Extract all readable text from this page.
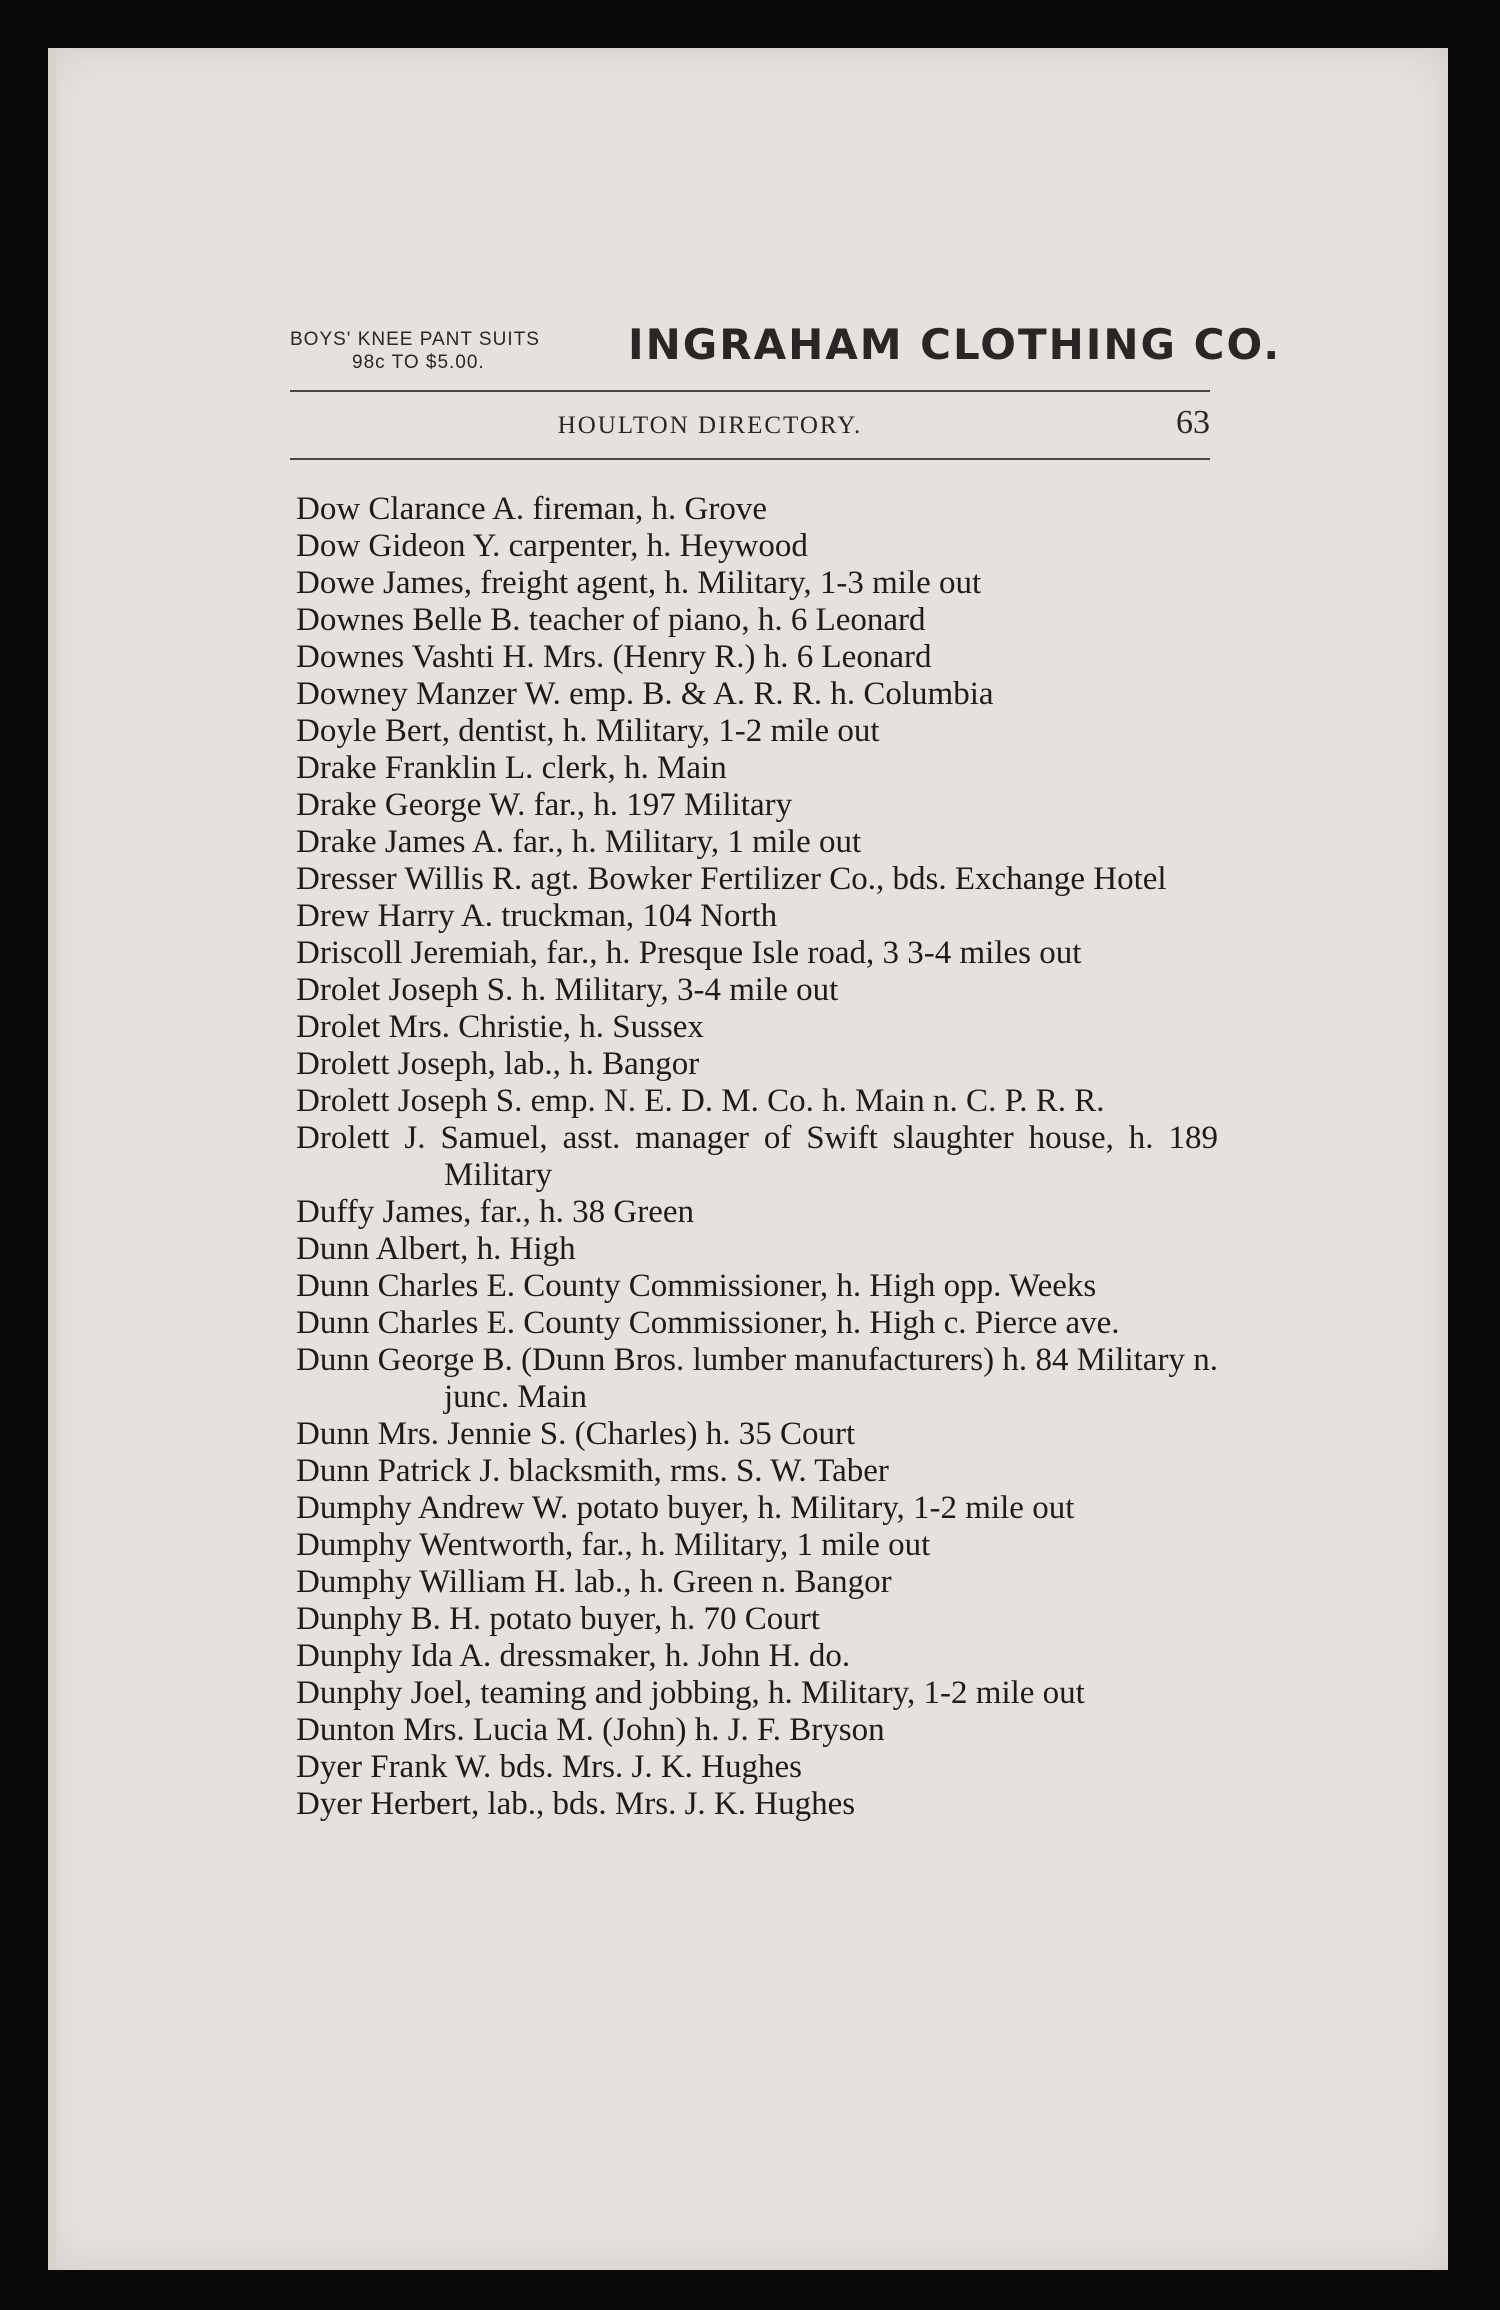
BOYS' KNEE PANT SUITS
98c TO $5.00.	INGRAHAM CLOTHING CO.
HOULTON DIRECTORY.	63
Dow Clarance A. fireman, h. Grove
Dow Gideon Y. carpenter, h. Heywood
Dowe James, freight agent, h. Military, 1-3 mile out
Downes Belle B. teacher of piano, h. 6 Leonard
Downes Vashti H. Mrs. (Henry R.) h. 6 Leonard
Downey Manzer W. emp. B. & A. R. R. h. Columbia
Doyle Bert, dentist, h. Military, 1-2 mile out
Drake Franklin L. clerk, h. Main
Drake George W. far., h. 197 Military
Drake James A. far., h. Military, 1 mile out
Dresser Willis R. agt. Bowker Fertilizer Co., bds. Exchange Hotel
Drew Harry A. truckman, 104 North
Driscoll Jeremiah, far., h. Presque Isle road, 3 3-4 miles out
Drolet Joseph S. h. Military, 3-4 mile out
Drolet Mrs. Christie, h. Sussex
Drolett Joseph, lab., h. Bangor
Drolett Joseph S. emp. N. E. D. M. Co. h. Main n. C. P. R. R.
Drolett J. Samuel, asst. manager of Swift slaughter house, h. 189 Military
Duffy James, far., h. 38 Green
Dunn Albert, h. High
Dunn Charles E. County Commissioner, h. High opp. Weeks
Dunn Charles E. County Commissioner, h. High c. Pierce ave.
Dunn George B. (Dunn Bros. lumber manufacturers) h. 84 Military n. junc. Main
Dunn Mrs. Jennie S. (Charles) h. 35 Court
Dunn Patrick J. blacksmith, rms. S. W. Taber
Dumphy Andrew W. potato buyer, h. Military, 1-2 mile out
Dumphy Wentworth, far., h. Military, 1 mile out
Dumphy William H. lab., h. Green n. Bangor
Dunphy B. H. potato buyer, h. 70 Court
Dunphy Ida A. dressmaker, h. John H. do.
Dunphy Joel, teaming and jobbing, h. Military, 1-2 mile out
Dunton Mrs. Lucia M. (John) h. J. F. Bryson
Dyer Frank W. bds. Mrs. J. K. Hughes
Dyer Herbert, lab., bds. Mrs. J. K. Hughes
